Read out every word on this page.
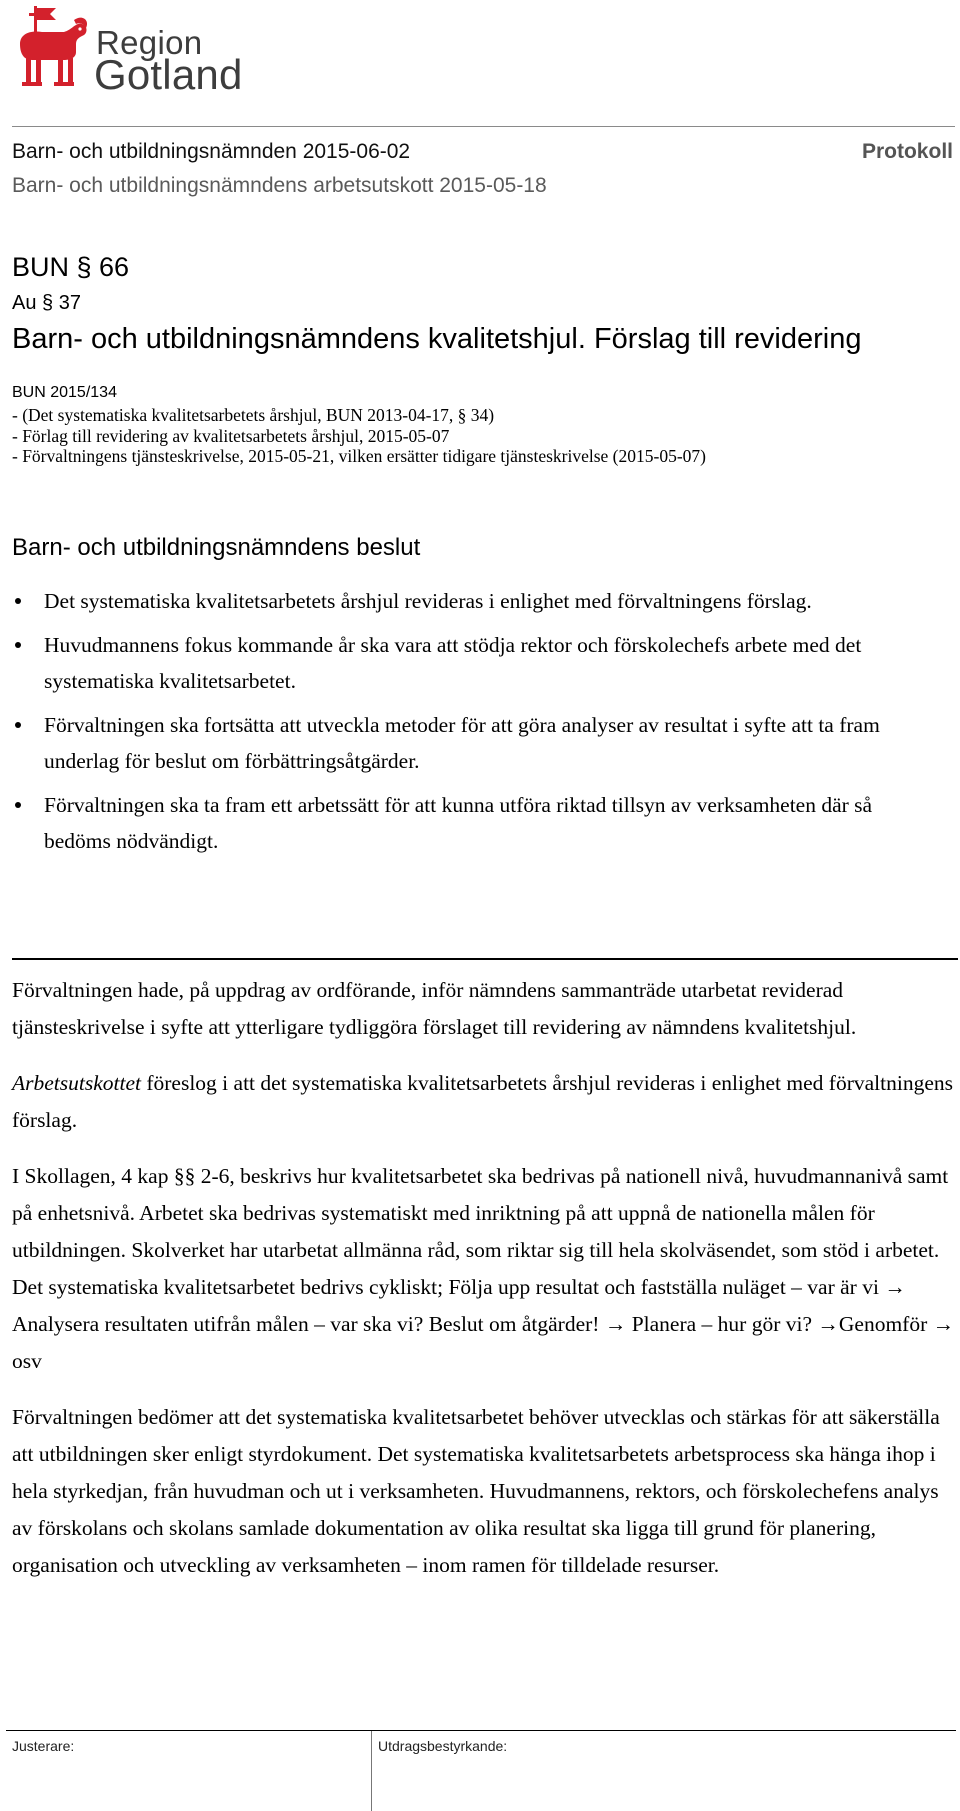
Region
Gotland
Barn- och utbildningsnämnden 2015-06-02	Protokoll
Barn- och utbildningsnämndens arbetsutskott 2015-05-18
BUN § 66
Au § 37
Barn- och utbildningsnämndens kvalitetshjul. Förslag till revidering
BUN 2015/134
- (Det systematiska kvalitetsarbetets årshjul, BUN 2013-04-17, § 34)
- Förlag till revidering av kvalitetsarbetets årshjul, 2015-05-07
- Förvaltningens tjänsteskrivelse, 2015-05-21, vilken ersätter tidigare tjänsteskrivelse (2015-05-07)
Barn- och utbildningsnämndens beslut
Det systematiska kvalitetsarbetets årshjul revideras i enlighet med förvaltningens förslag.
Huvudmannens fokus kommande år ska vara att stödja rektor och förskolechefs arbete med det systematiska kvalitetsarbetet.
Förvaltningen ska fortsätta att utveckla metoder för att göra analyser av resultat i syfte att ta fram underlag för beslut om förbättringsåtgärder.
Förvaltningen ska ta fram ett arbetssätt för att kunna utföra riktad tillsyn av verksamheten där så bedöms nödvändigt.

Förvaltningen hade, på uppdrag av ordförande, inför nämndens sammanträde utarbetat reviderad tjänsteskrivelse i syfte att ytterligare tydliggöra förslaget till revidering av nämndens kvalitetshjul.

Arbetsutskottet föreslog i att det systematiska kvalitetsarbetets årshjul revideras i enlighet med förvaltningens förslag.

I Skollagen, 4 kap §§ 2-6, beskrivs hur kvalitetsarbetet ska bedrivas på nationell nivå, huvudmannanivå samt på enhetsnivå. Arbetet ska bedrivas systematiskt med inriktning på att uppnå de nationella målen för utbildningen. Skolverket har utarbetat allmänna råd, som riktar sig till hela skolväsendet, som stöd i arbetet. Det systematiska kvalitetsarbetet bedrivs cykliskt; Följa upp resultat och fastställa nuläget – var är vi → Analysera resultaten utifrån målen – var ska vi? Beslut om åtgärder! → Planera – hur gör vi? →Genomför → osv

Förvaltningen bedömer att det systematiska kvalitetsarbetet behöver utvecklas och stärkas för att säkerställa att utbildningen sker enligt styrdokument. Det systematiska kvalitetsarbetets arbetsprocess ska hänga ihop i hela styrkedjan, från huvudman och ut i verksamheten. Huvudmannens, rektors, och förskolechefens analys av förskolans och skolans samlade dokumentation av olika resultat ska ligga till grund för planering, organisation och utveckling av verksamheten – inom ramen för tilldelade resurser.

Justerare:	Utdragsbestyrkande:
